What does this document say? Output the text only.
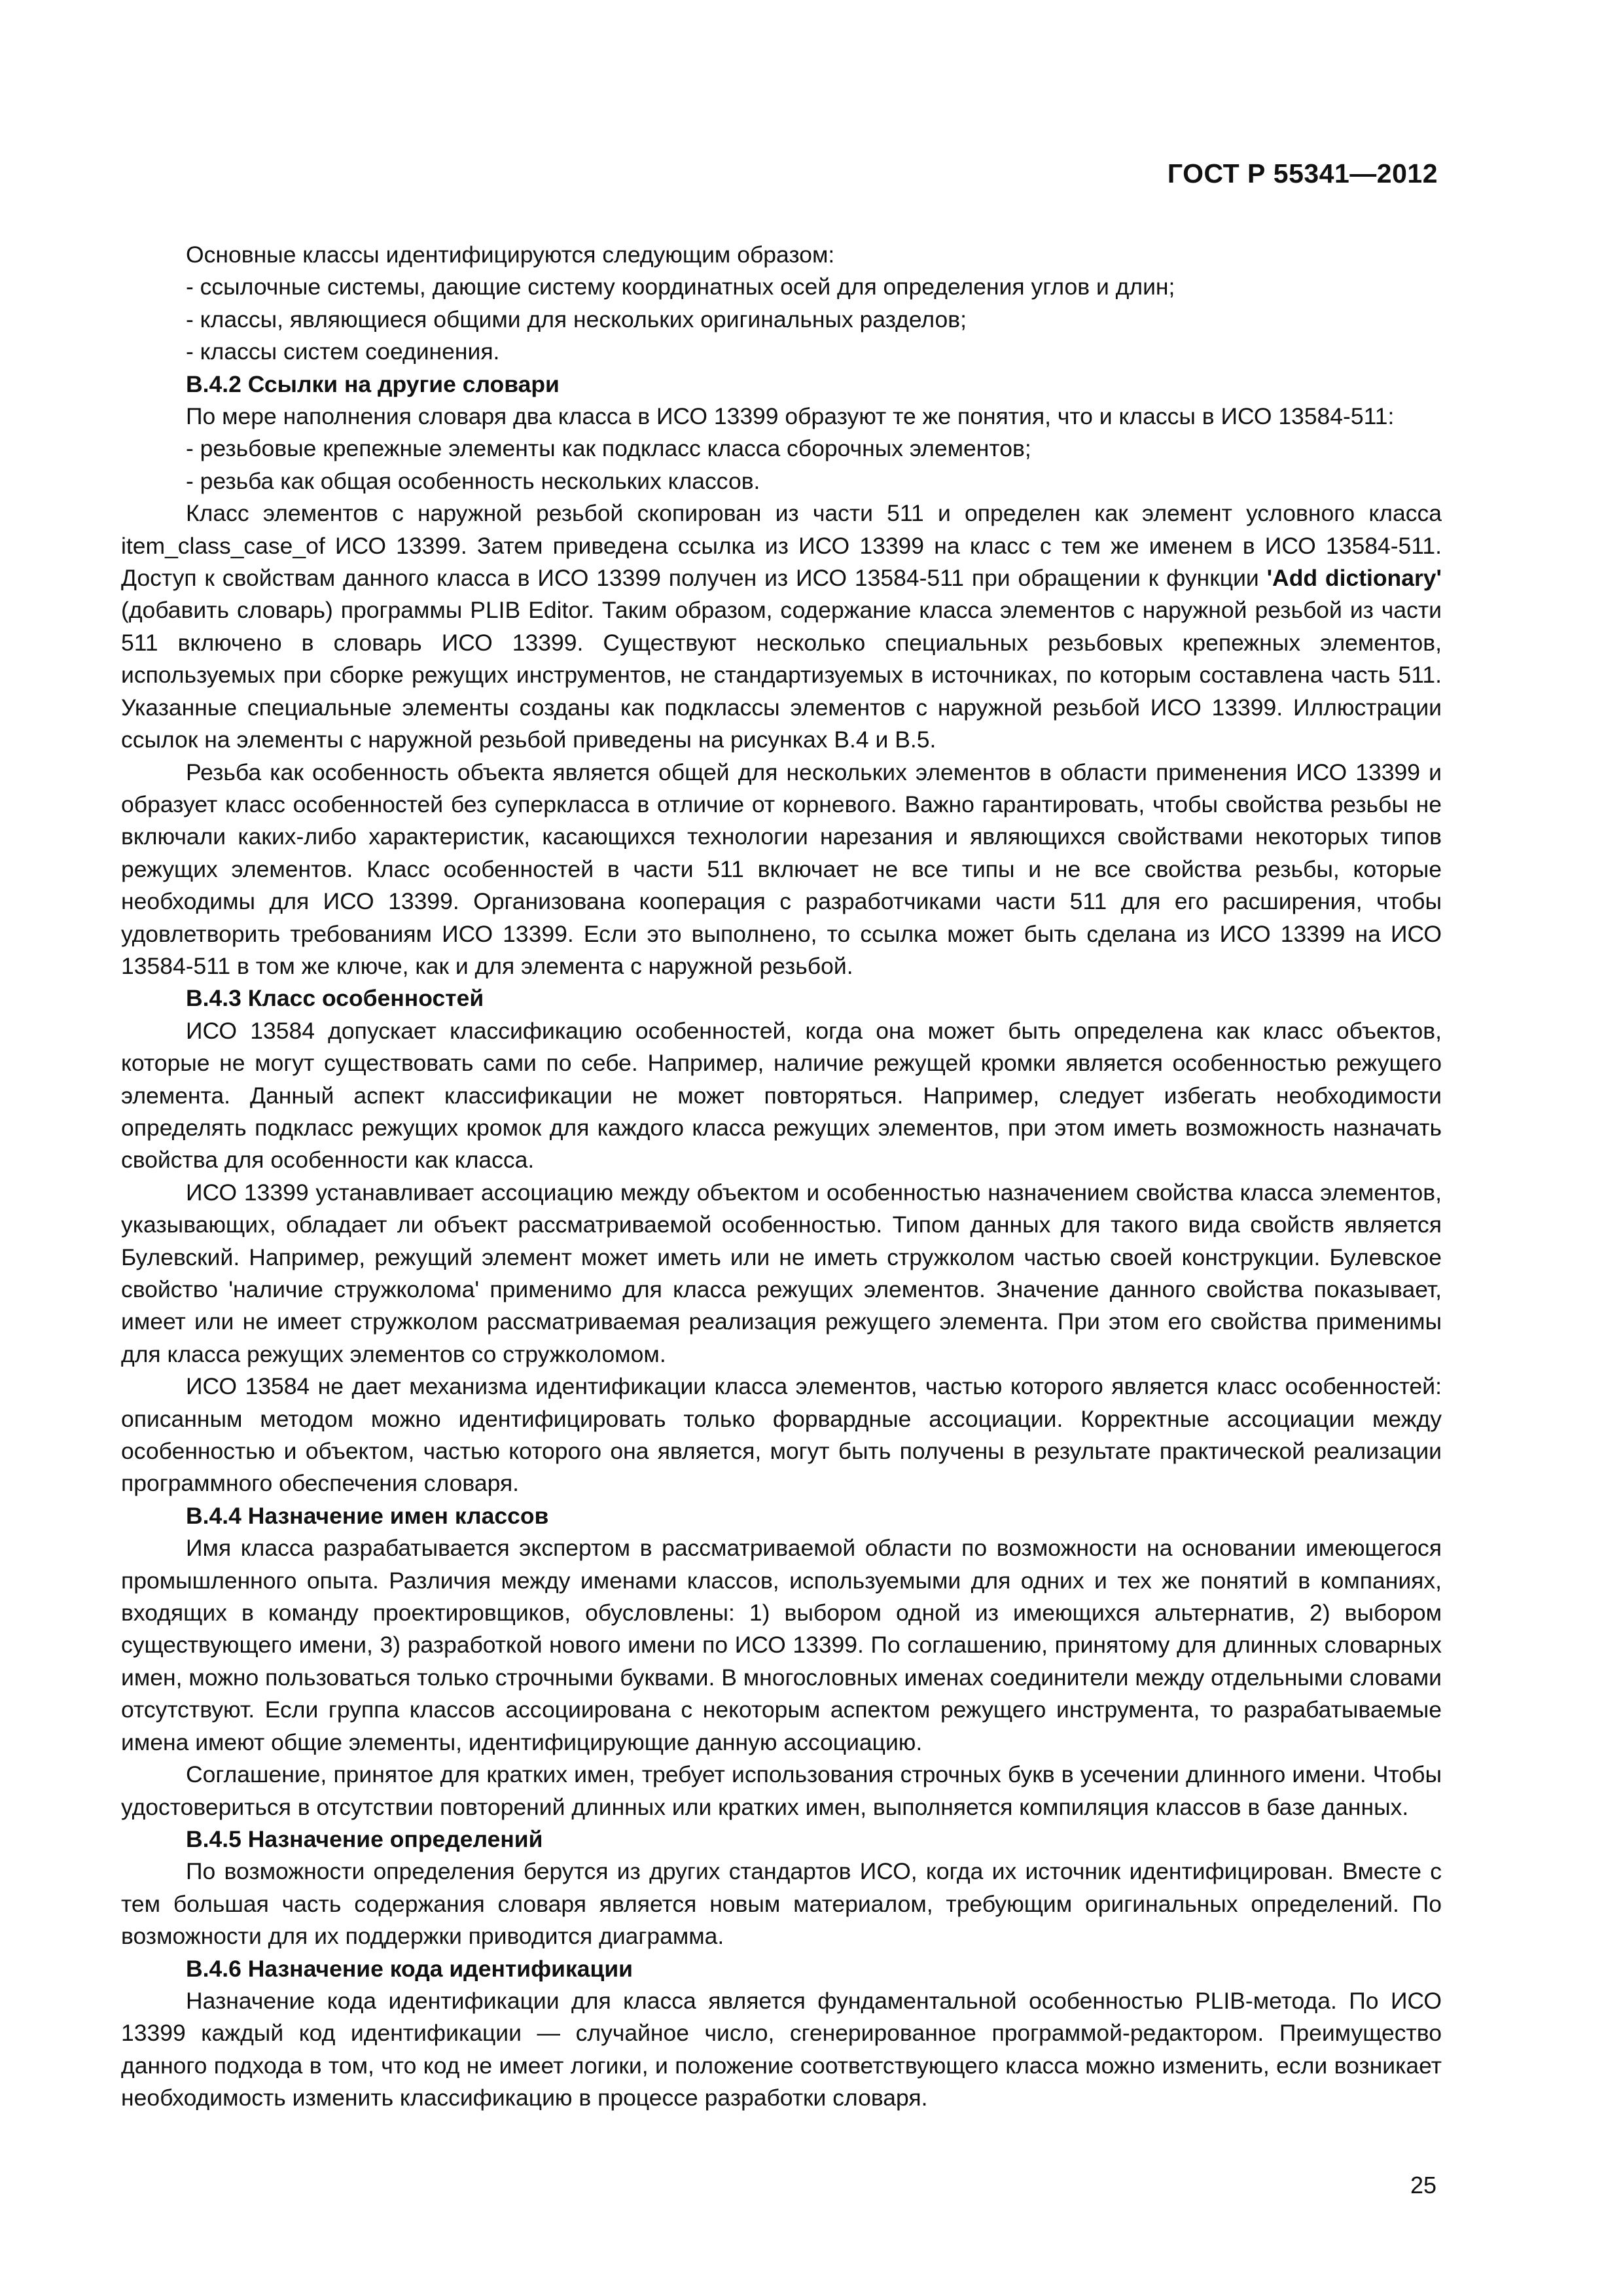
ГОСТ Р 55341—2012

Основные классы идентифицируются следующим образом:

- ссылочные системы, дающие систему координатных осей для определения углов и длин;

- классы, являющиеся общими для нескольких оригинальных разделов;

- классы систем соединения.

В.4.2 Ссылки на другие словари

По мере наполнения словаря два класса в ИСО 13399 образуют те же понятия, что и классы в ИСО 13584-511:

- резьбовые крепежные элементы как подкласс класса сборочных элементов;

- резьба как общая особенность нескольких классов.

Класс элементов с наружной резьбой скопирован из части 511 и определен как элемент условного класса item_class_case_of ИСО 13399. Затем приведена ссылка из ИСО 13399 на класс с тем же именем в ИСО 13584-511. Доступ к свойствам данного класса в ИСО 13399 получен из ИСО 13584-511 при обращении к функции 'Add dictionary' (добавить словарь) программы PLIB Editor. Таким образом, содержание класса элементов с наружной резьбой из части 511 включено в словарь ИСО 13399. Существуют несколько специальных резьбовых крепежных элементов, используемых при сборке режущих инструментов, не стандартизуемых в источниках, по которым составлена часть 511. Указанные специальные элементы созданы как подклассы элементов с наружной резьбой ИСО 13399. Иллюстрации ссылок на элементы с наружной резьбой приведены на рисунках В.4 и В.5.

Резьба как особенность объекта является общей для нескольких элементов в области применения ИСО 13399 и образует класс особенностей без суперкласса в отличие от корневого. Важно гарантировать, чтобы свойства резьбы не включали каких-либо характеристик, касающихся технологии нарезания и являющихся свойствами некоторых типов режущих элементов. Класс особенностей в части 511 включает не все типы и не все свойства резьбы, которые необходимы для ИСО 13399. Организована кооперация с разработчиками части 511 для его расширения, чтобы удовлетворить требованиям ИСО 13399. Если это выполнено, то ссылка может быть сделана из ИСО 13399 на ИСО 13584-511 в том же ключе, как и для элемента с наружной резьбой.

В.4.3 Класс особенностей

ИСО 13584 допускает классификацию особенностей, когда она может быть определена как класс объектов, которые не могут существовать сами по себе. Например, наличие режущей кромки является особенностью режущего элемента. Данный аспект классификации не может повторяться. Например, следует избегать необходимости определять подкласс режущих кромок для каждого класса режущих элементов, при этом иметь возможность назначать свойства для особенности как класса.

ИСО 13399 устанавливает ассоциацию между объектом и особенностью назначением свойства класса элементов, указывающих, обладает ли объект рассматриваемой особенностью. Типом данных для такого вида свойств является Булевский. Например, режущий элемент может иметь или не иметь стружколом частью своей конструкции. Булевское свойство 'наличие стружколома' применимо для класса режущих элементов. Значение данного свойства показывает, имеет или не имеет стружколом рассматриваемая реализация режущего элемента. При этом его свойства применимы для класса режущих элементов со стружколомом.

ИСО 13584 не дает механизма идентификации класса элементов, частью которого является класс особенностей: описанным методом можно идентифицировать только форвардные ассоциации. Корректные ассоциации между особенностью и объектом, частью которого она является, могут быть получены в результате практической реализации программного обеспечения словаря.

В.4.4 Назначение имен классов

Имя класса разрабатывается экспертом в рассматриваемой области по возможности на основании имеющегося промышленного опыта. Различия между именами классов, используемыми для одних и тех же понятий в компаниях, входящих в команду проектировщиков, обусловлены: 1) выбором одной из имеющихся альтернатив, 2) выбором существующего имени, 3) разработкой нового имени по ИСО 13399. По соглашению, принятому для длинных словарных имен, можно пользоваться только строчными буквами. В многословных именах соединители между отдельными словами отсутствуют. Если группа классов ассоциирована с некоторым аспектом режущего инструмента, то разрабатываемые имена имеют общие элементы, идентифицирующие данную ассоциацию.

Соглашение, принятое для кратких имен, требует использования строчных букв в усечении длинного имени. Чтобы удостовериться в отсутствии повторений длинных или кратких имен, выполняется компиляция классов в базе данных.

В.4.5 Назначение определений

По возможности определения берутся из других стандартов ИСО, когда их источник идентифицирован. Вместе с тем большая часть содержания словаря является новым материалом, требующим оригинальных определений. По возможности для их поддержки приводится диаграмма.

В.4.6 Назначение кода идентификации

Назначение кода идентификации для класса является фундаментальной особенностью PLIB-метода. По ИСО 13399 каждый код идентификации — случайное число, сгенерированное программой-редактором. Преимущество данного подхода в том, что код не имеет логики, и положение соответствующего класса можно изменить, если возникает необходимость изменить классификацию в процессе разработки словаря.

25
